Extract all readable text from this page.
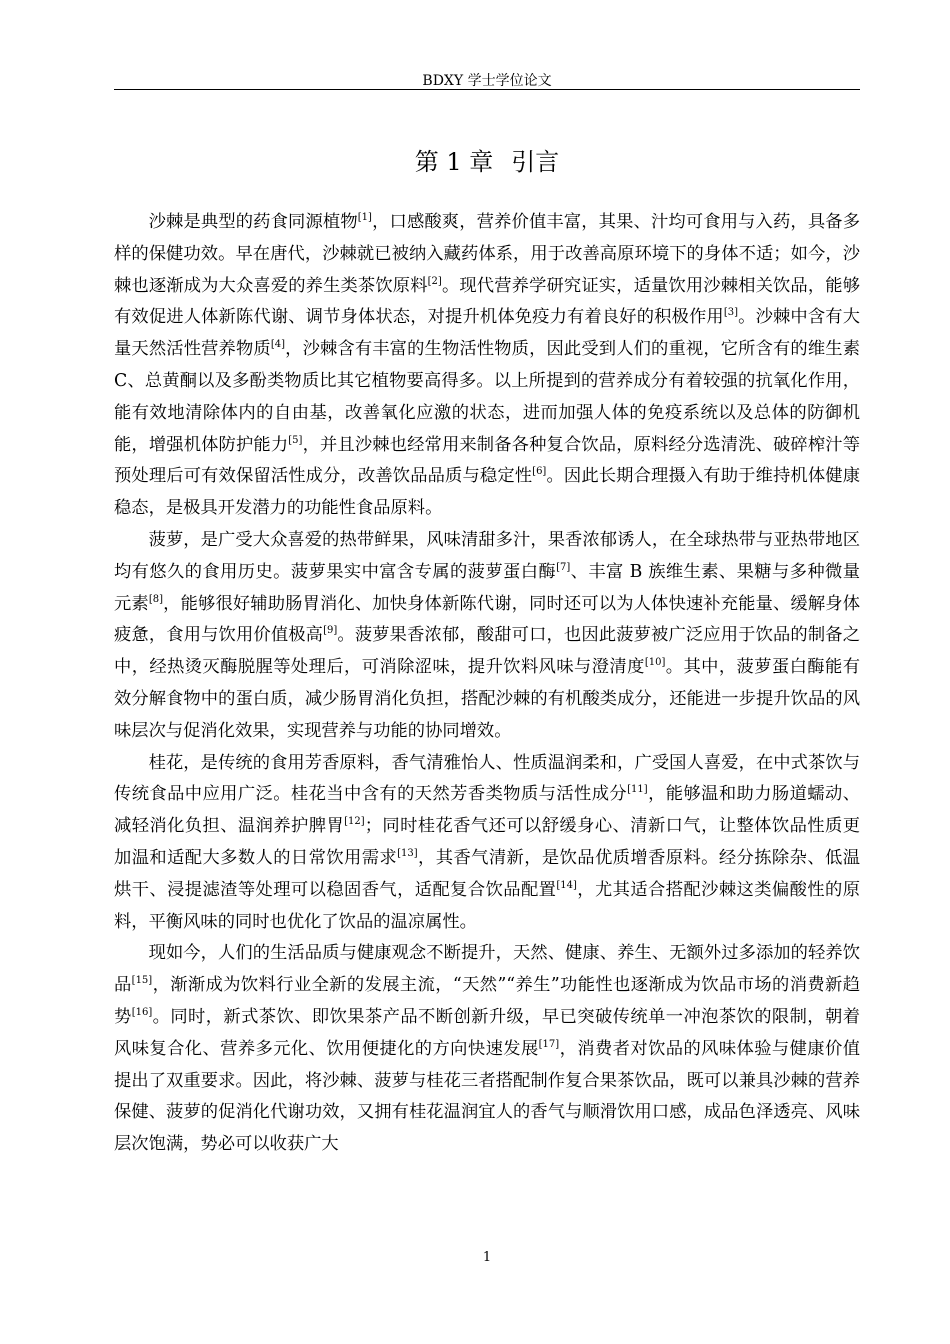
BDXY 学士学位论文
第 1 章 引言

沙棘是典型的药食同源植物[1]，口感酸爽，营养价值丰富，其果、汁均可食用与入药，具备多样的保健功效。早在唐代，沙棘就已被纳入藏药体系，用于改善高原环境下的身体不适；如今，沙棘也逐渐成为大众喜爱的养生类茶饮原料[2]。现代营养学研究证实，适量饮用沙棘相关饮品，能够有效促进人体新陈代谢、调节身体状态，对提升机体免疫力有着良好的积极作用[3]。沙棘中含有大量天然活性营养物质[4]，沙棘含有丰富的生物活性物质，因此受到人们的重视，它所含有的维生素 C、总黄酮以及多酚类物质比其它植物要高得多。以上所提到的营养成分有着较强的抗氧化作用，能有效地清除体内的自由基，改善氧化应激的状态，进而加强人体的免疫系统以及总体的防御机能，增强机体防护能力[5]，并且沙棘也经常用来制备各种复合饮品，原料经分选清洗、破碎榨汁等预处理后可有效保留活性成分，改善饮品品质与稳定性[6]。因此长期合理摄入有助于维持机体健康稳态，是极具开发潜力的功能性食品原料。

菠萝，是广受大众喜爱的热带鲜果，风味清甜多汁，果香浓郁诱人，在全球热带与亚热带地区均有悠久的食用历史。菠萝果实中富含专属的菠萝蛋白酶[7]、丰富 B 族维生素、果糖与多种微量元素[8]，能够很好辅助肠胃消化、加快身体新陈代谢，同时还可以为人体快速补充能量、缓解身体疲惫，食用与饮用价值极高[9]。菠萝果香浓郁，酸甜可口，也因此菠萝被广泛应用于饮品的制备之中，经热烫灭酶脱腥等处理后，可消除涩味，提升饮料风味与澄清度[10]。其中，菠萝蛋白酶能有效分解食物中的蛋白质，减少肠胃消化负担，搭配沙棘的有机酸类成分，还能进一步提升饮品的风味层次与促消化效果，实现营养与功能的协同增效。

桂花，是传统的食用芳香原料，香气清雅怡人、性质温润柔和，广受国人喜爱，在中式茶饮与传统食品中应用广泛。桂花当中含有的天然芳香类物质与活性成分[11]，能够温和助力肠道蠕动、减轻消化负担、温润养护脾胃[12]；同时桂花香气还可以舒缓身心、清新口气，让整体饮品性质更加温和适配大多数人的日常饮用需求[13]，其香气清新，是饮品优质增香原料。经分拣除杂、低温烘干、浸提滤渣等处理可以稳固香气，适配复合饮品配置[14]，尤其适合搭配沙棘这类偏酸性的原料，平衡风味的同时也优化了饮品的温凉属性。

现如今，人们的生活品质与健康观念不断提升，天然、健康、养生、无额外过多添加的轻养饮品[15]，渐渐成为饮料行业全新的发展主流，“天然”“养生”功能性也逐渐成为饮品市场的消费新趋势[16]。同时，新式茶饮、即饮果茶产品不断创新升级，早已突破传统单一冲泡茶饮的限制，朝着风味复合化、营养多元化、饮用便捷化的方向快速发展[17]，消费者对饮品的风味体验与健康价值提出了双重要求。因此，将沙棘、菠萝与桂花三者搭配制作复合果茶饮品，既可以兼具沙棘的营养保健、菠萝的促消化代谢功效，又拥有桂花温润宜人的香气与顺滑饮用口感，成品色泽透亮、风味层次饱满，势必可以收获广大

1
